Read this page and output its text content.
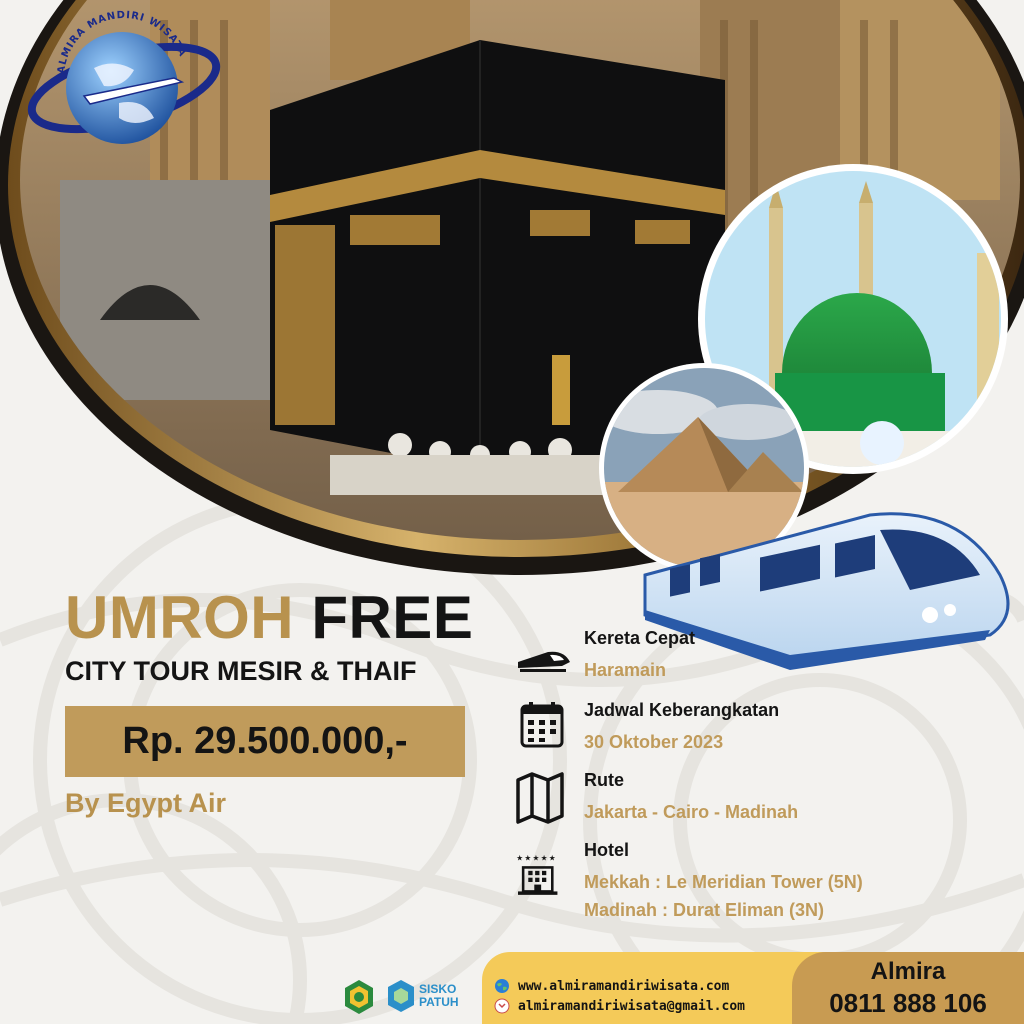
ALMIRA MANDIRI WISATA
UMROH FREE
CITY TOUR MESIR & THAIF
Rp. 29.500.000,-
By Egypt Air
Kereta Cepat
Haramain
Jadwal Keberangkatan
30 Oktober 2023
Rute
Jakarta - Cairo - Madinah
★★★★★ Hotel
Mekkah : Le Meridian Tower (5N)
Madinah : Durat Eliman (3N)
SISKO PATUH
www.almiramandiriwisata.com
almiramandiriwisata@gmail.com
Almira
0811 888 106
